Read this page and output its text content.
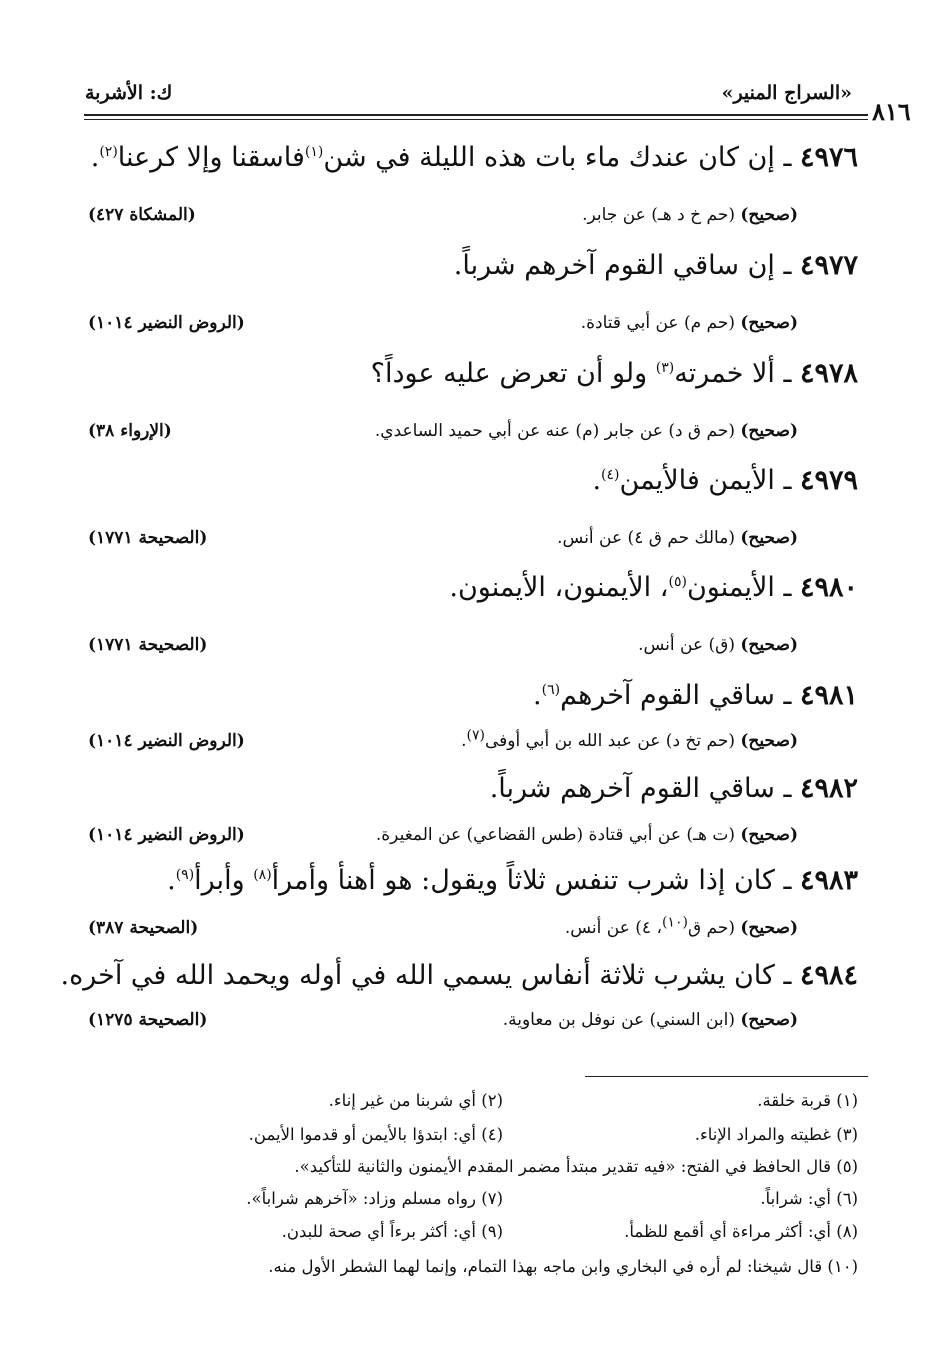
٨١٦
«السراج المنير»
ك: الأشربة
٤٩٧٦ ـ إن كان عندك ماء بات هذه الليلة في شن$^{(١)}$فاسقنا وإلا كرعنا$^{(٢)}$.
(صحيح) (حم خ د هـ) عن جابر.
(المشكاة ٤٢٧)
٤٩٧٧ ـ إن ساقي القوم آخرهم شرباً.
(صحيح) (حم م) عن أبي قتادة.
(الروض النضير ١٠١٤)
٤٩٧٨ ـ ألا خمرته$^{(٣)}$ ولو أن تعرض عليه عوداً؟
(صحيح) (حم ق د) عن جابر (م) عنه عن أبي حميد الساعدي.
(الإرواء ٣٨)
٤٩٧٩ ـ الأيمن فالأيمن$^{(٤)}$.
(صحيح) (مالك حم ق ٤) عن أنس.
(الصحيحة ١٧٧١)
٤٩٨٠ ـ الأيمنون$^{(٥)}$، الأيمنون، الأيمنون.
(صحيح) (ق) عن أنس.
(الصحيحة ١٧٧١)
٤٩٨١ ـ ساقي القوم آخرهم$^{(٦)}$.
(صحيح) (حم تخ د) عن عبد الله بن أبي أوفى$^{(٧)}$.
(الروض النضير ١٠١٤)
٤٩٨٢ ـ ساقي القوم آخرهم شرباً.
(صحيح) (ت هـ) عن أبي قتادة (طس القضاعي) عن المغيرة.
(الروض النضير ١٠١٤)
٤٩٨٣ ـ كان إذا شرب تنفس ثلاثاً ويقول: هو أهنأ وأمرأ$^{(٨)}$ وأبرأ$^{(٩)}$.
(صحيح) (حم ق$^{(١٠)}$، ٤) عن أنس.
(الصحيحة ٣٨٧)
٤٩٨٤ ـ كان يشرب ثلاثة أنفاس يسمي الله في أوله ويحمد الله في آخره.
(صحيح) (ابن السني) عن نوفل بن معاوية.
(الصحيحة ١٢٧٥)
(١) قربة خلقة.
(٢) أي شربنا من غير إناء.
(٣) غطيته والمراد الإناء.
(٤) أي: ابتدؤا بالأيمن أو قدموا الأيمن.
(٥) قال الحافظ في الفتح: «فيه تقدير مبتدأ مضمر المقدم الأيمنون والثانية للتأكيد».
(٦) أي: شراباً.
(٧) رواه مسلم وزاد: «آخرهم شراباً».
(٨) أي: أكثر مراءة أي أقمع للظمأ.
(٩) أي: أكثر برءاً أي صحة للبدن.
(١٠) قال شيخنا: لم أره في البخاري وابن ماجه بهذا التمام، وإنما لهما الشطر الأول منه.
